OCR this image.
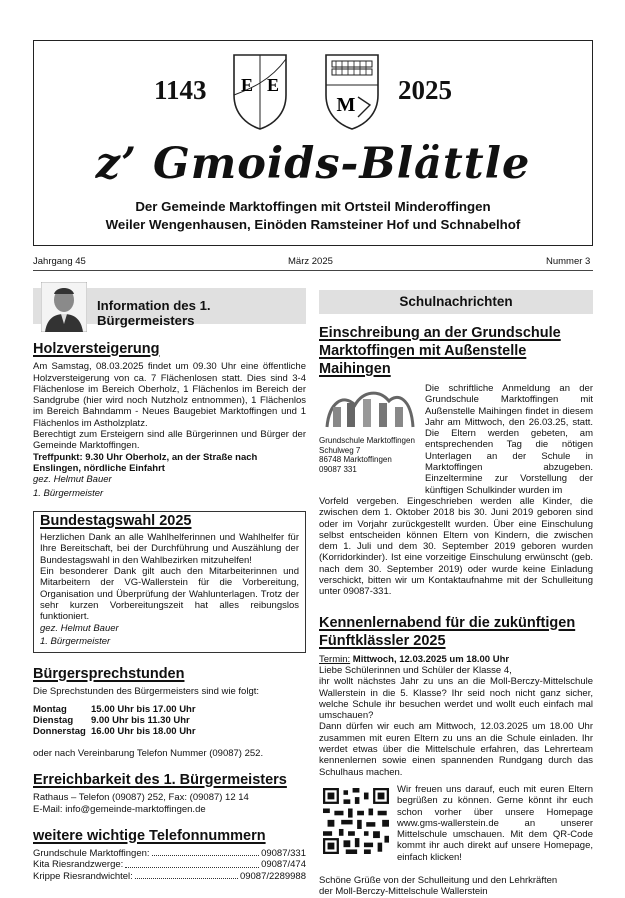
1143	2025
E E
M
z’ Gmoids-Blättle
Der Gemeinde Marktoffingen mit Ortsteil Minderoffingen
Weiler Wengenhausen, Einöden Ramsteiner Hof und Schnabelhof
Jahrgang 45	März 2025	Nummer 3
Information des 1. Bürgermeisters
Holzversteigerung

Am Samstag, 08.03.2025 findet um 09.30 Uhr eine öffentliche Holzversteigerung von ca. 7 Flächenlosen statt. Dies sind 3-4 Flächenlose im Bereich Oberholz, 1 Flächenlos im Bereich der Sandgrube (hier wird noch Nutzholz entnommen), 1 Flächenlos im Bereich Bahndamm - Neues Baugebiet Marktoffingen und 1 Flächenlos im Astholzplatz.

Berechtigt zum Ersteigern sind alle Bürgerinnen und Bürger der Gemeinde Marktoffingen.

Treffpunkt: 9.30 Uhr Oberholz, an der Straße nach Enslingen, nördliche Einfahrt

gez. Helmut Bauer

1. Bürgermeister

Bundestagswahl 2025

Herzlichen Dank an alle Wahlhelferinnen und Wahlhelfer für Ihre Bereitschaft, bei der Durchführung und Auszählung der Bundestagswahl in den Wahlbezirken mitzuhelfen!

Ein besonderer Dank gilt auch den Mitarbeiterinnen und Mitarbeitern der VG-Wallerstein für die Vorbereitung, Organisation und Überprüfung der Wahlunterlagen. Trotz der sehr kurzen Vorbereitungszeit hat alles reibungslos funktioniert.

gez. Helmut Bauer

1. Bürgermeister

Bürgersprechstunden

Die Sprechstunden des Bürgermeisters sind wie folgt:

Montag	15.00 Uhr bis 17.00 Uhr
Dienstag	9.00 Uhr bis 11.30 Uhr
Donnerstag 16.00 Uhr bis 18.00 Uhr

oder nach Vereinbarung Telefon Nummer (09087) 252.

Erreichbarkeit des 1. Bürgermeisters

Rathaus – Telefon (09087) 252, Fax: (09087) 12 14

E-Mail: info@gemeinde-marktoffingen.de

weitere wichtige Telefonnummern
Grundschule Marktoffingen:	09087/331
Kita Riesrandzwerge:	09087/474
Krippe Riesrandwichtel:	09087/2289988
Schulnachrichten
Einschreibung an der Grundschule
Marktoffingen mit Außenstelle Maihingen
Grundschule Marktoffingen
Schulweg 7
86748 Marktoffingen
09087 331

Die schriftliche Anmeldung an der Grundschule Marktoffingen mit Außenstelle Maihingen findet in diesem Jahr am Mittwoch, den 26.03.25, statt. Die Eltern werden gebeten, am entsprechenden Tag die nötigen Unterlagen an der Schule in Marktoffingen abzugeben. Einzeltermine zur Vorstellung der künftigen Schulkinder wurden im

Vorfeld vergeben. Eingeschrieben werden alle Kinder, die zwischen dem 1. Oktober 2018 bis 30. Juni 2019 geboren sind oder im Vorjahr zurückgestellt wurden. Über eine Einschulung selbst entscheiden können Eltern von Kindern, die zwischen dem 1. Juli und dem 30. September 2019 geboren wurden (Korridorkinder). Ist eine vorzeitige Einschulung erwünscht (geb. nach dem 30. September 2019) oder wurde keine Einladung verschickt, bitten wir um Kontaktaufnahme mit der Schulleitung unter 09087-331.

Kennenlernabend für die zukünftigen
Fünftklässler 2025

Termin: Mittwoch, 12.03.2025 um 18.00 Uhr

Liebe Schülerinnen und Schüler der Klasse 4,

ihr wollt nächstes Jahr zu uns an die Moll-Berczy-Mittelschule Wallerstein in die 5. Klasse? Ihr seid noch nicht ganz sicher, welche Schule ihr besuchen werdet und wollt euch einfach mal umschauen?

Dann dürfen wir euch am Mittwoch, 12.03.2025 um 18.00 Uhr zusammen mit euren Eltern zu uns an die Schule einladen. Ihr werdet etwas über die Mittelschule erfahren, das Lehrerteam kennenlernen sowie einen spannenden Rundgang durch das Schulhaus machen.

Wir freuen uns darauf, euch mit euren Eltern begrüßen zu können. Gerne könnt ihr euch schon vorher über unsere Homepage www.gms-wallerstein.de an unserer Mittelschule umschauen. Mit dem QR-Code kommt ihr auch direkt auf unsere Homepage, einfach klicken!

Schöne Grüße von der Schulleitung und den Lehrkräften

der Moll-Berczy-Mittelschule Wallerstein
